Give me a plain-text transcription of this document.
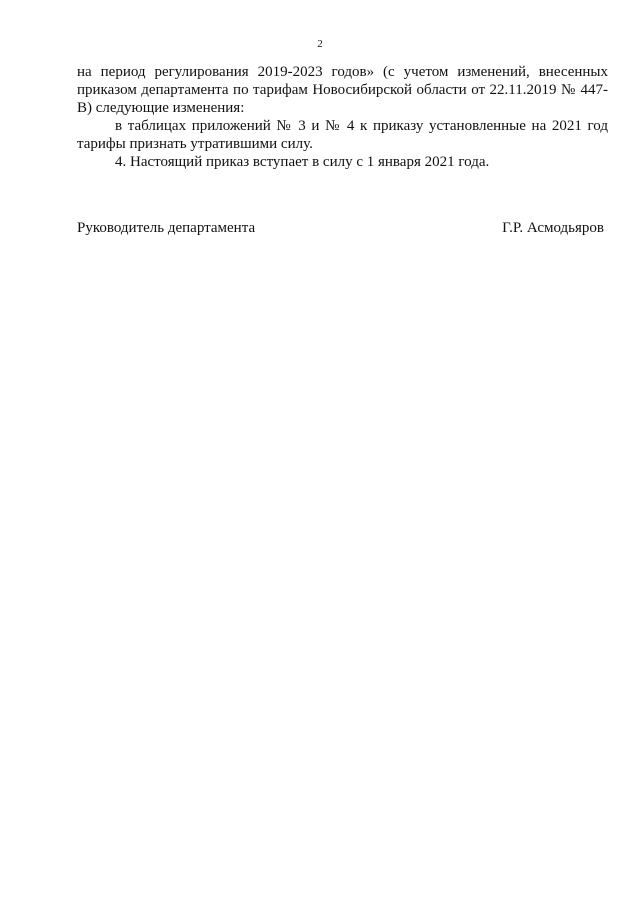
2

на период регулирования 2019-2023 годов» (с учетом изменений, внесенных приказом департамента по тарифам Новосибирской области от 22.11.2019 № 447-В) следующие изменения:

в таблицах приложений № 3 и № 4 к приказу установленные на 2021 год тарифы признать утратившими силу.

4. Настоящий приказ вступает в силу с 1 января 2021 года.

Руководитель департамента	Г.Р. Асмодьяров
